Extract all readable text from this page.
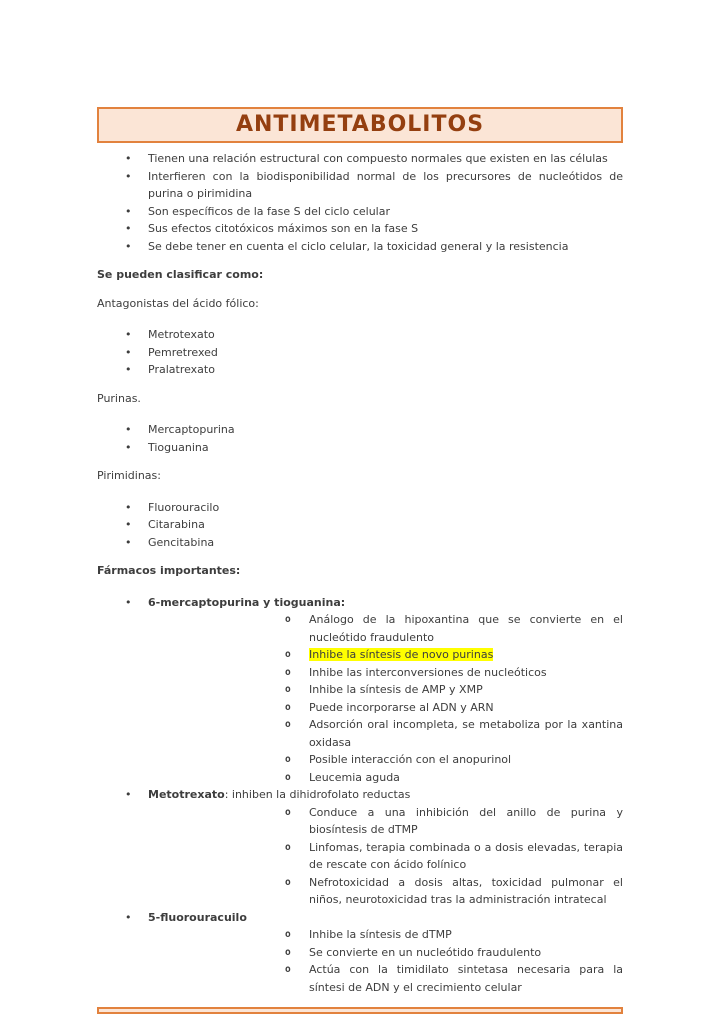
ANTIMETABOLITOS
• Tienen una relación estructural con compuesto normales que existen en las células
• Interfieren con la biodisponibilidad normal de los precursores de nucleótidos de purina o pirimidina
• Son específicos de la fase S del ciclo celular
• Sus efectos citotóxicos máximos son en la fase S
• Se debe tener en cuenta el ciclo celular, la toxicidad general y la resistencia

Se pueden clasificar como:

Antagonistas del ácido fólico:

• Metrotexato
• Pemretrexed
• Pralatrexato

Purinas.

• Mercaptopurina
• Tioguanina

Pirimidinas:

• Fluorouracilo
• Citarabina
• Gencitabina

Fármacos importantes:

• 6-mercaptopurina y tioguanina:
o Análogo de la hipoxantina que se convierte en el nucleótido fraudulento
o Inhibe la síntesis de novo purinas
o Inhibe las interconversiones de nucleóticos
o Inhibe la síntesis de AMP y XMP
o Puede incorporarse al ADN y ARN
o Adsorción oral incompleta, se metaboliza por la xantina oxidasa
o Posible interacción con el anopurinol
o Leucemia aguda
• Metotrexato: inhiben la dihidrofolato reductas
o Conduce a una inhibición del anillo de purina y biosíntesis de dTMP
o Linfomas, terapia combinada o a dosis elevadas, terapia de rescate con ácido folínico
o Nefrotoxicidad a dosis altas, toxicidad pulmonar el niños, neurotoxicidad tras la administración intratecal
• 5-fluorouracuilo
o Inhibe la síntesis de dTMP
o Se convierte en un nucleótido fraudulento
o Actúa con la timidilato sintetasa necesaria para la síntesi de ADN y el crecimiento celular
